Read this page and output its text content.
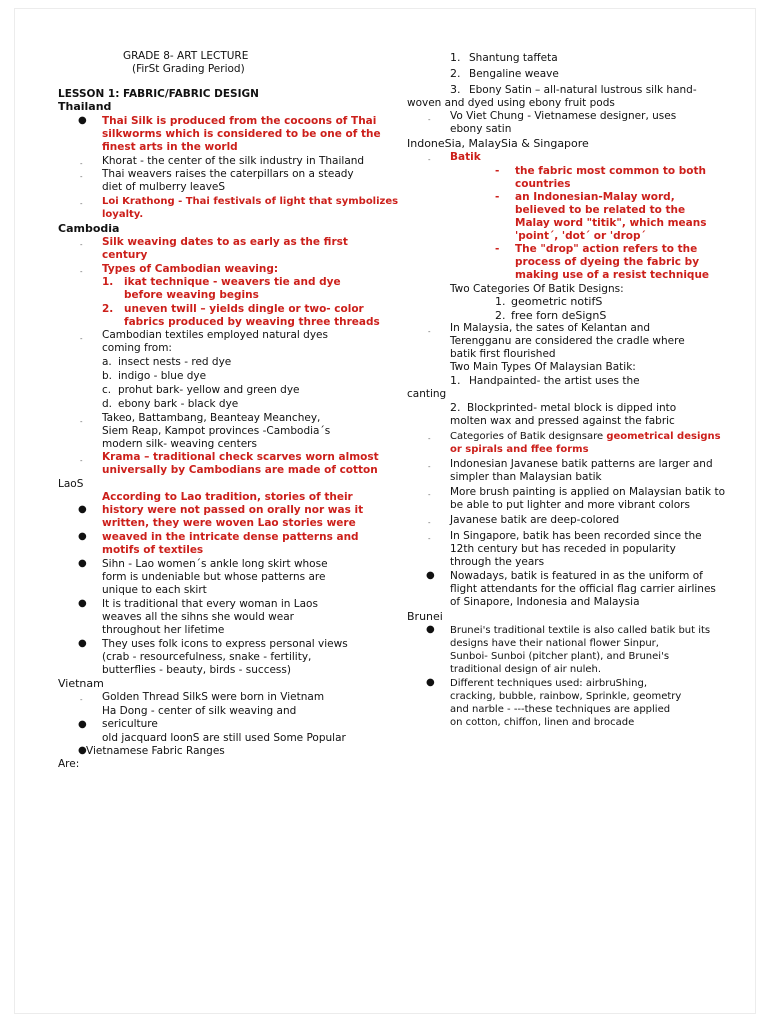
GRADE 8- ART LECTURE
(FirSt Grading Period)
LESSON 1: FABRIC/FABRIC DESIGN
Thailand
● Thai Silk is produced from the cocoons of Thai
silkworms which is considered to be one of the
finest arts in the world
- Khorat - the center of the silk industry in Thailand
- Thai weavers raises the caterpillars on a steady
diet of mulberry leaveS
- Loi Krathong - Thai festivals of light that symbolizes
loyalty.
Cambodia
- Silk weaving dates to as early as the first
century
- Types of Cambodian weaving:
1. ikat technique - weavers tie and dye
before weaving begins
2. uneven twill – yields dingle or two- color
fabrics produced by weaving three threads
- Cambodian textiles employed natural dyes
coming from:
a. insect nests - red dye
b. indigo - blue dye
c. prohut bark- yellow and green dye
d. ebony bark - black dye
- Takeo, Battambang, Beanteay Meanchey,
Siem Reap, Kampot provinces -Cambodia´s
modern silk- weaving centers
- Krama – traditional check scarves worn almost
universally by Cambodians are made of cotton
LaoS
According to Lao tradition, stories of their
● history were not passed on orally nor was it
written, they were woven Lao stories were
● weaved in the intricate dense patterns and
motifs of textiles
● Sihn - Lao women´s ankle long skirt whose
form is undeniable but whose patterns are
unique to each skirt
● It is traditional that every woman in Laos
weaves all the sihns she would wear
throughout her lifetime
● They uses folk icons to express personal views
(crab - resourcefulness, snake - fertility,
butterflies - beauty, birds - success)
Vietnam
- Golden Thread SilkS were born in Vietnam
Ha Dong - center of silk weaving and
● sericulture
old jacquard loonS are still used Some Popular
● Vietnamese Fabric Ranges
Are:
1. Shantung taffeta
2. Bengaline weave
3. Ebony Satin – all-natural lustrous silk hand-
woven and dyed using ebony fruit pods
- Vo Viet Chung - Vietnamese designer, uses
ebony satin
IndoneSia, MalaySia & Singapore
- Batik
- the fabric most common to both
countries
- an Indonesian-Malay word,
believed to be related to the
Malay word "titik", which means
'point´, 'dot´ or 'drop´
- The "drop" action refers to the
process of dyeing the fabric by
making use of a resist technique
Two Categories Of Batik Designs:
1. geometric notifS
2. free forn deSignS
- In Malaysia, the sates of Kelantan and
Terengganu are considered the cradle where
batik first flourished
Two Main Types Of Malaysian Batik:
1. Handpainted- the artist uses the
canting
2. Blockprinted- metal block is dipped into
molten wax and pressed against the fabric
- Categories of Batik designsare geometrical designs
or spirals and ffee forms
- Indonesian Javanese batik patterns are larger and
simpler than Malaysian batik
- More brush painting is applied on Malaysian batik to
be able to put lighter and more vibrant colors
- Javanese batik are deep-colored
- In Singapore, batik has been recorded since the
12th century but has receded in popularity
through the years
● Nowadays, batik is featured in as the uniform of
flight attendants for the official flag carrier airlines
of Sinapore, Indonesia and Malaysia
Brunei
● Brunei's traditional textile is also called batik but its
designs have their national flower Sinpur,
Sunboi- Sunboi (pitcher plant), and Brunei's
traditional design of air nuleh.
● Different techniques used: airbruShing,
cracking, bubble, rainbow, Sprinkle, geometry
and narble - ---these techniques are applied
on cotton, chiffon, linen and brocade
